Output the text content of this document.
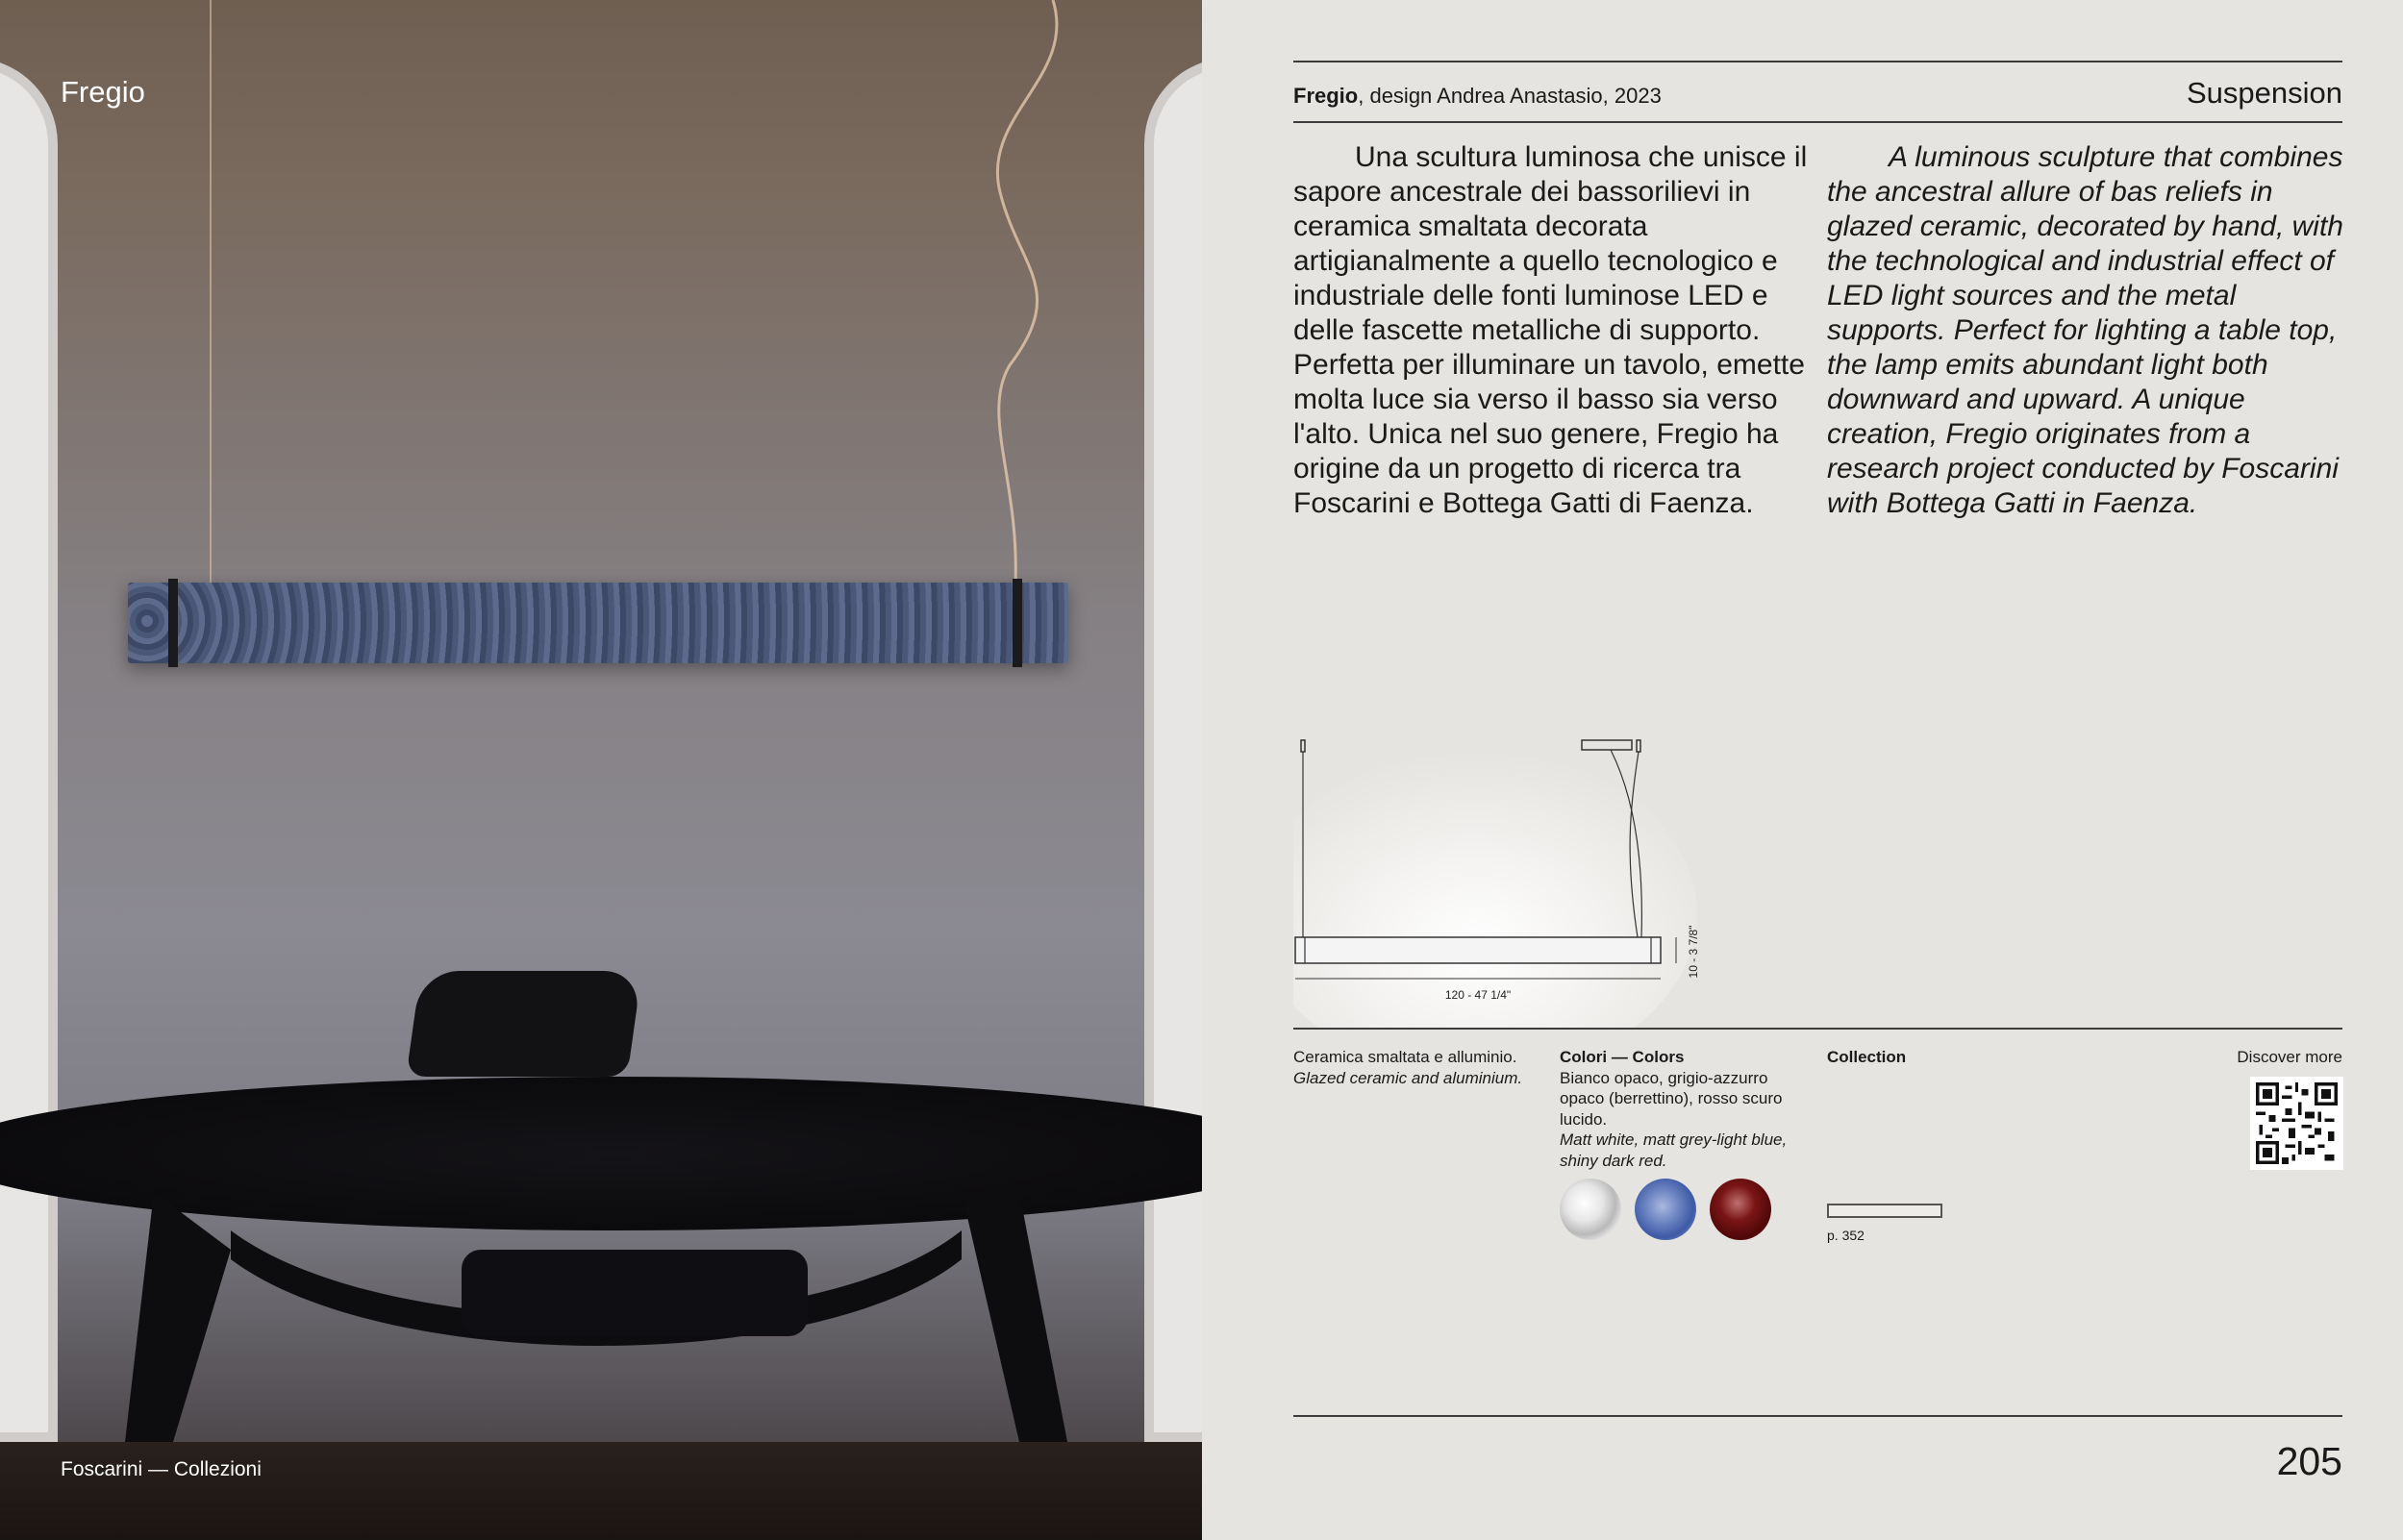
Fregio
Foscarini — Collezioni
Fregio, design Andrea Anastasio, 2023	Suspension

Una scultura luminosa che unisce il sapore ancestrale dei bassorilievi in ceramica smaltata decorata artigianalmente a quello tecnologico e industriale delle fonti luminose LED e delle fascette metalliche di supporto. Perfetta per illuminare un tavolo, emette molta luce sia verso il basso sia verso l'alto. Unica nel suo genere, Fregio ha origine da un progetto di ricerca tra Foscarini e Bottega Gatti di Faenza.

A luminous sculpture that combines the ancestral allure of bas reliefs in glazed ceramic, decorated by hand, with the technological and industrial effect of LED light sources and the metal supports. Perfect for lighting a table top, the lamp emits abundant light both downward and upward. A unique creation, Fregio originates from a research project conducted by Foscarini with Bottega Gatti in Faenza.

120 - 47 1/4"
10 - 3 7/8"
Ceramica smaltata e alluminio.
Glazed ceramic and aluminium.
Colori — Colors
Bianco opaco, grigio-azzurro opaco (berrettino), rosso scuro lucido.
Matt white, matt grey-light blue, shiny dark red.
Collection
p. 352
Discover more
205
